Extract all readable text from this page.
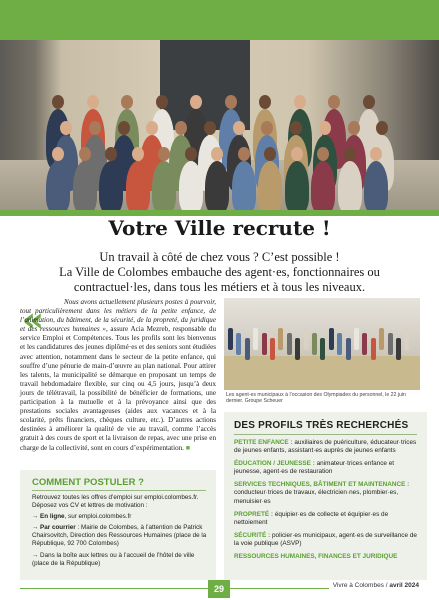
Votre Ville recrute !
Un travail à côté de chez vous ? C’est possible !
La Ville de Colombes embauche des agent·es, fonctionnaires ou contractuel·les, dans tous les métiers et à tous les niveaux.
«	Nous avons actuellement plusieurs postes à pourvoir, tout particulièrement dans les métiers de la petite enfance, de l’animation, du bâtiment, de la sécurité, de la propreté, du juridique et des ressources humaines », assure Acia Mezreb, responsable du service Emploi et Compétences. Tous les profils sont les bienvenus et les candidatures des jeunes diplômé·es et des seniors sont étudiées avec attention, notamment dans le secteur de la petite enfance, qui souffre d’une pénurie de main-d’œuvre au plan national. Pour attirer les talents, la municipalité se démarque en proposant un temps de travail hebdomadaire flexible, sur cinq ou 4,5 jours, jusqu’à deux jours de télétravail, la possibilité de bénéficier de formations, une participation à la mutuelle et à la prévoyance ainsi que des prestations sociales avantageuses (aides aux vacances et à la scolarité, prêts financiers, chèques culture, etc.). D’autres actions destinées à améliorer la qualité de vie au travail, comme l’accès gratuit à des cours de sport et la livraison de repas, avec une prise en charge de la collectivité, sont en cours d’expérimentation. ■
Les agent·es municipaux à l’occasion des Olympiades du personnel, le 22 juin dernier. Groupe Scheuer
DES PROFILS TRÈS RECHERCHÉS
PETITE ENFANCE : auxiliaires de puériculture, éducateur·trices de jeunes enfants, assistant·es auprès de jeunes enfants
ÉDUCATION / JEUNESSE : animateur·trices enfance et jeunesse, agent·es de restauration
SERVICES TECHNIQUES, BÂTIMENT ET MAINTENANCE : conducteur·trices de travaux, électricien·nes, plombier·es, menuisier·es
PROPRETÉ : équipier·es de collecte et équipier·es de nettoiement
SÉCURITÉ : policier·es municipaux, agent·es de surveillance de la voie publique (ASVP)
RESSOURCES HUMAINES, FINANCES ET JURIDIQUE
COMMENT POSTULER ?

Retrouvez toutes les offres d’emploi sur emploi.colombes.fr. Déposez vos CV et lettres de motivation :

→ En ligne, sur emploi.colombes.fr

→ Par courrier : Mairie de Colombes, à l’attention de Patrick Chairsovitch, Direction des Ressources Humaines (place de la République, 92 700 Colombes)

→ Dans la boîte aux lettres ou à l’accueil de l’hôtel de ville (place de la République)

29	Vivre à Colombes / avril 2024
